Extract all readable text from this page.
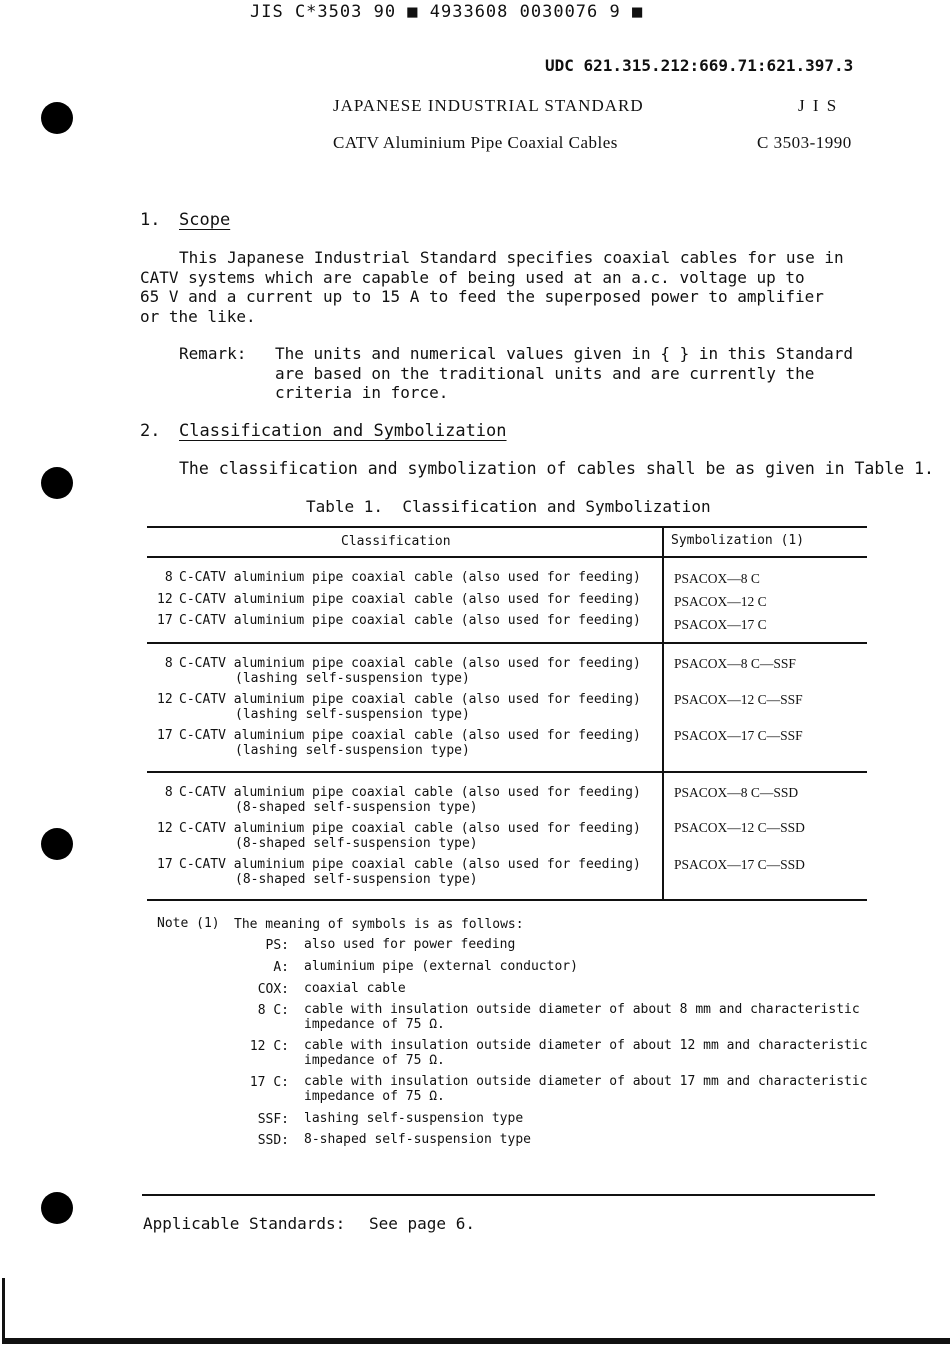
JIS C*3503 90 ■ 4933608 0030076 9 ■
UDC 621.315.212:669.71:621.397.3
JAPANESE INDUSTRIAL STANDARD	J I S
CATV Aluminium Pipe Coaxial Cables	C 3503-1990
1. Scope
This Japanese Industrial Standard specifies coaxial cables for use in
CATV systems which are capable of being used at an a.c. voltage up to
65 V and a current up to 15 A to feed the superposed power to amplifier
or the like.
Remark: The units and numerical values given in { } in this Standard
are based on the traditional units and are currently the
criteria in force.
2. Classification and Symbolization
The classification and symbolization of cables shall be as given in Table 1.
Table 1.  Classification and Symbolization
Classification	Symbolization (1)
8 C-CATV aluminium pipe coaxial cable (also used for feeding) PSACOX—8 C
12 C-CATV aluminium pipe coaxial cable (also used for feeding) PSACOX—12 C
17 C-CATV aluminium pipe coaxial cable (also used for feeding) PSACOX—17 C
8 C-CATV aluminium pipe coaxial cable (also used for feeding)
(lashing self-suspension type)
PSACOX—8 C—SSF
12 C-CATV aluminium pipe coaxial cable (also used for feeding)
(lashing self-suspension type)
PSACOX—12 C—SSF
17 C-CATV aluminium pipe coaxial cable (also used for feeding)
(lashing self-suspension type)
PSACOX—17 C—SSF
8 C-CATV aluminium pipe coaxial cable (also used for feeding)
(8-shaped self-suspension type)
PSACOX—8 C—SSD
12 C-CATV aluminium pipe coaxial cable (also used for feeding)
(8-shaped self-suspension type)
PSACOX—12 C—SSD
17 C-CATV aluminium pipe coaxial cable (also used for feeding)
(8-shaped self-suspension type)
PSACOX—17 C—SSD
Note (1) The meaning of symbols is as follows:
PS: also used for power feeding
A: aluminium pipe (external conductor)
COX: coaxial cable
8 C: cable with insulation outside diameter of about 8 mm and characteristic
impedance of 75 Ω.
12 C: cable with insulation outside diameter of about 12 mm and characteristic
impedance of 75 Ω.
17 C: cable with insulation outside diameter of about 17 mm and characteristic
impedance of 75 Ω.
SSF: lashing self-suspension type
SSD: 8-shaped self-suspension type
Applicable Standards: See page 6.
